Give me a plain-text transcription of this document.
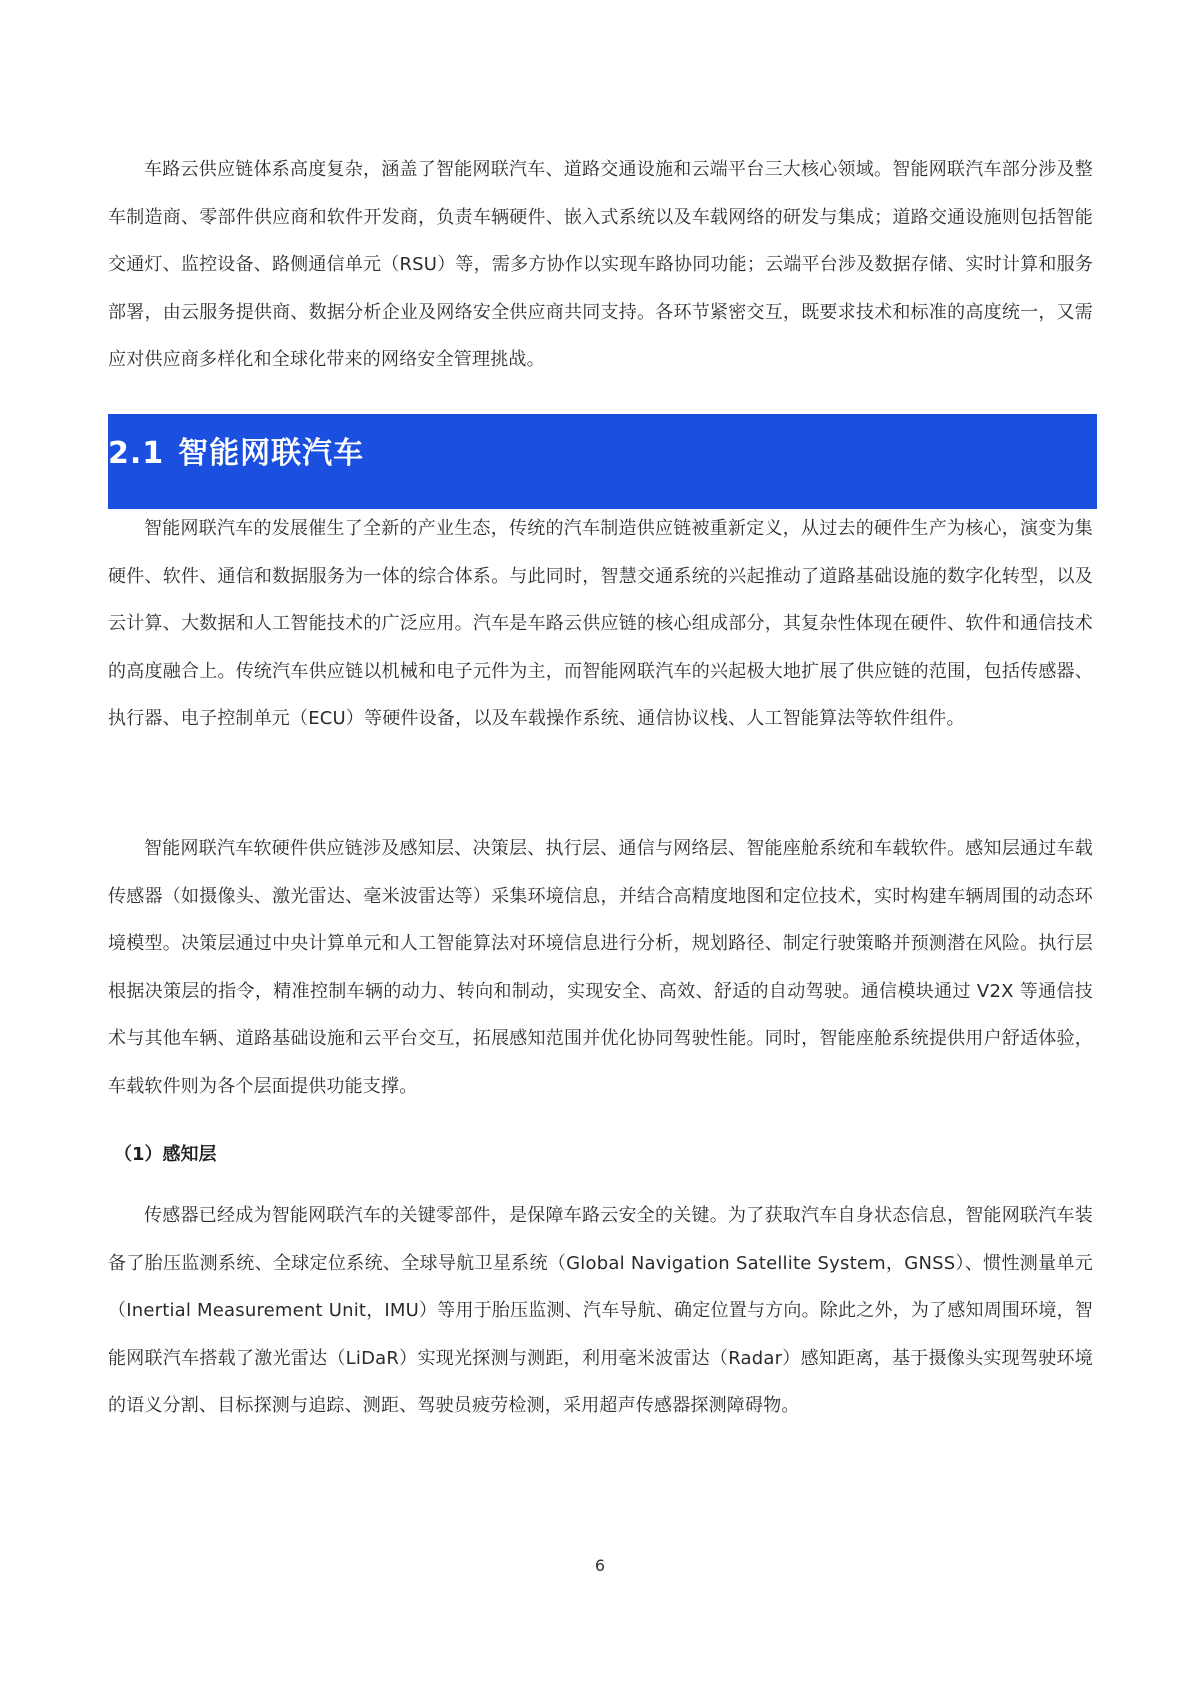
车路云供应链体系高度复杂，涵盖了智能网联汽车、道路交通设施和云端平台三大核心领域。智能网联汽车部分涉及整车制造商、零部件供应商和软件开发商，负责车辆硬件、嵌入式系统以及车载网络的研发与集成；道路交通设施则包括智能交通灯、监控设备、路侧通信单元（RSU）等，需多方协作以实现车路协同功能；云端平台涉及数据存储、实时计算和服务部署，由云服务提供商、数据分析企业及网络安全供应商共同支持。各环节紧密交互，既要求技术和标准的高度统一，又需应对供应商多样化和全球化带来的网络安全管理挑战。

2.1 智能网联汽车

智能网联汽车的发展催生了全新的产业生态，传统的汽车制造供应链被重新定义，从过去的硬件生产为核心，演变为集硬件、软件、通信和数据服务为一体的综合体系。与此同时，智慧交通系统的兴起推动了道路基础设施的数字化转型，以及云计算、大数据和人工智能技术的广泛应用。汽车是车路云供应链的核心组成部分，其复杂性体现在硬件、软件和通信技术的高度融合上。传统汽车供应链以机械和电子元件为主，而智能网联汽车的兴起极大地扩展了供应链的范围，包括传感器、执行器、电子控制单元（ECU）等硬件设备，以及车载操作系统、通信协议栈、人工智能算法等软件组件。

智能网联汽车软硬件供应链涉及感知层、决策层、执行层、通信与网络层、智能座舱系统和车载软件。感知层通过车载传感器（如摄像头、激光雷达、毫米波雷达等）采集环境信息，并结合高精度地图和定位技术，实时构建车辆周围的动态环境模型。决策层通过中央计算单元和人工智能算法对环境信息进行分析，规划路径、制定行驶策略并预测潜在风险。执行层根据决策层的指令，精准控制车辆的动力、转向和制动，实现安全、高效、舒适的自动驾驶。通信模块通过 V2X 等通信技术与其他车辆、道路基础设施和云平台交互，拓展感知范围并优化协同驾驶性能。同时，智能座舱系统提供用户舒适体验，车载软件则为各个层面提供功能支撑。

（1）感知层

传感器已经成为智能网联汽车的关键零部件，是保障车路云安全的关键。为了获取汽车自身状态信息，智能网联汽车装备了胎压监测系统、全球定位系统、全球导航卫星系统（Global Navigation Satellite System，GNSS）、惯性测量单元（Inertial Measurement Unit，IMU）等用于胎压监测、汽车导航、确定位置与方向。除此之外，为了感知周围环境，智能网联汽车搭载了激光雷达（LiDaR）实现光探测与测距，利用毫米波雷达（Radar）感知距离，基于摄像头实现驾驶环境的语义分割、目标探测与追踪、测距、驾驶员疲劳检测，采用超声传感器探测障碍物。

6
